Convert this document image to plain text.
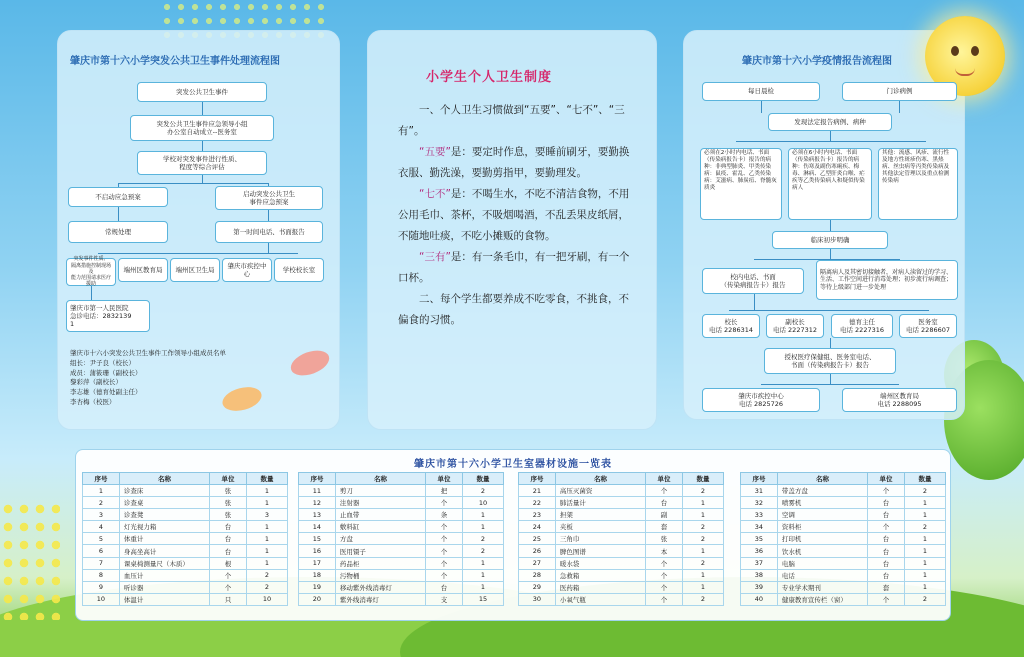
肇庆市第十六小学突发公共卫生事件处理流程图
突发公共卫生事件
突发公共卫生事件应急领导小组
办公室自动成立--医务室
学校对突发事件进行性质、
程度等综合评估
不启动应急预案	启动突发公共卫生
事件应急预案
常规处理	第一时间电话、书面报告
突发事件性质、
隔离措施控制现场及
能力范围请求医疗援助
端州区教育局	端州区卫生局
肇庆市疾控中心
学校校长室
肇庆市第一人民医院
急诊电话：2832139
1
肇庆市十六小突发公共卫生事件工作领导小组成员名单
组长：尹子良（校长）
成员：蒲筱珊（副校长）
黎彩萍（副校长）
李志雄（德育处副主任）
李杏梅（校医）
小学生个人卫生制度

一、个人卫生习惯做到“五要”、“七不”、“三有”。

“五要”是：要定时作息，要睡前刷牙，要勤换衣服、勤洗澡，要勤剪指甲，要勤理发。

“七不”是：不喝生水，不吃不清洁食物，不用公用毛巾、茶杯，不吸烟喝酒，不乱丢果皮纸屑，不随地吐痰，不吃小摊贩的食物。

“三有”是：有一条毛巾，有一把牙刷，有一个口杯。

二、每个学生都要养成不吃零食，不挑食，不偏食的习惯。

肇庆市第十六小学疫情报告流程图
每日晨检	门诊病例
发现法定报告病例、病种
必须在2小时内电话、书面（传染病报告卡）报告的病种：非典型肺炎、甲类传染病：鼠疫、霍乱、乙类传染病：艾滋病、肺炭疽、脊髓灰质炎
必须在6小时内电话、书面（传染病报告卡）报告的病种：伤寒及副伤寒痢疾、梅毒、淋病、乙型肝炎白喉、疟疾等乙类传染病人和疑似传染病人
其他：流感、风疹、流行性及地方性斑疹伤寒、黑热病、丝虫病等丙类传染病及其他法定管理以及重点检测传染病
临床初步明确
校内电话、书面
（传染病报告卡）报告
隔离病人及其密切接触者，对病人渎留过的学习、生活、工作空间进行消毒处理；初步流行病调查；等待上级部门进一步处理
校长
电话 2286314
副校长
电话 2227312
德育主任
电话 2227316
医务室
电话 2286607
授权医疗保健组、医务室电话、
书面（传染病报告卡）报告
肇庆市疾控中心
电话 2825726
端州区教育局
电话 2288095
肇庆市第十六小学卫生室器材设施一览表
序号	名称	单位	数量
1	诊查床	张	1
2	诊查桌	张	1
3	诊查凳	张	3
4	灯光视力箱	台	1
5	体重计	台	1
6	身高坐高计	台	1
7	课桌椅测量尺（木质）	根	1
8	血压计	个	2
9	听诊器	个	2
10	体温计	只	10
序号	名称	单位	数量
11	剪刀	把	2
12	注射器	个	10
13	止血带	条	1
14	敷料缸	个	1
15	方盘	个	2
16	医用镊子	个	2
17	药品柜	个	1
18	污物桶	个	1
19	移动紫外线消毒灯	台	1
20	紫外线消毒灯	支	15
序号	名称	单位	数量
21	高压灭菌资	个	2
22	肺活量计	台	1
23	担架	副	1
24	夹板	套	2
25	三角巾	张	2
26	脾色图谱	本	1
27	暖水袋	个	2
28	急救箱	个	1
29	医药箱	个	1
30	小氧气瓶	个	2
序号	名称	单位	数量
31	带盖方盘	个	2
32	喷雾机	台	1
33	空调	台	1
34	资料柜	个	2
35	打印机	台	1
36	饮水机	台	1
37	电脑	台	1
38	电话	台	1
39	专业学术期刊	套	1
40	健康教育宣传栏（窗）	个	2
